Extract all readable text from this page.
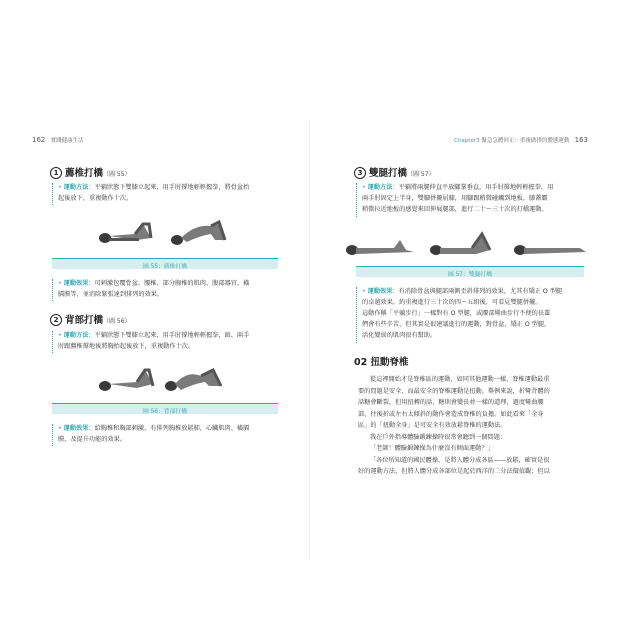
162 實踐健康生活
1 薦椎打橋（圖 55）
• 運動方法：平躺狀態下雙膝立起來，用手肘撐地輕輕握拳，將骨盆抬
起後放下，重複動作十次。
圖 55：薦椎打橋
• 運動效果：可刺激包覆骨盆、腰椎、部分胸椎的肌肉，腹部器官、橫
膈膜等，並消除緊張達到排列的效果。
2 背部打橋（圖 56）
• 運動方法：平躺狀態下雙膝立起來，用手肘撐地輕輕握拳，頭、兩手
肘跟薦椎撐地後將胸抬起後放下，重複動作十次。
圖 56：背部打橋
• 運動效果：給胸椎和胸部刺激，有排列胸椎放鬆肺，心臟肌肉、橫膈
膜，及提升功能的效果。
Chapter3 緊急急體回正：重複做排的體態運動 163
3 雙腿打橋（圖 57）
• 運動方法：平躺將兩腿伸直平放腳掌垂直，用手肘撐地輕輕握拳，用
兩手肘固定上半身，雙腳併攏屈膝，用腳跟稍微碰觸到地板，膝蓋霸
稍微拉近地板的感覺來回伸展腿部，進行二十～三十次的打橋運動。
圖 57：雙腿打橋
• 運動效果：有消除骨盆與腿部兩側歪斜排列的效果，尤其有矯正 O 型腿
的卓越效果，約重複進行三十次的四～五組後，可看見雙腿併攏。
這動作稱「平躺步行」一樣對有 O 型腿，或腰部彎曲步行不便的長輩
們會有些辛苦，但其實是很建議進行的運動，對骨盆、矯正 O 型腿，
活化變弱的肌肉很有幫助。
02 扭動脊椎

從這裡開始才是脊椎區的運動，如同其他運動一樣，脊椎運動最重

要的問題是安全，而最安全的脊椎運動是扭動。舉例來說，折彎背體的

話糖會斷裂，但用扭轉的話，糖則會變長並一樣的道理，過度彎曲腰

部，往後折或左右太傾斜的動作會造成脊椎的負擔。如此看來「全身

區」的「扭動全身」是可安全有效放鬆脊椎的運動法。

我在戶外指導體驗鍛鍊操時很常會聽到一個問題：

「老師！體驗鍛鍊操為什麼沒有側面運動？」

「各位所知道的國民體操，是將人體分成各區——放鬆，確實是很

好的運動方法，但將人體分成各部位是起於西洋的二分法價值觀；但以
